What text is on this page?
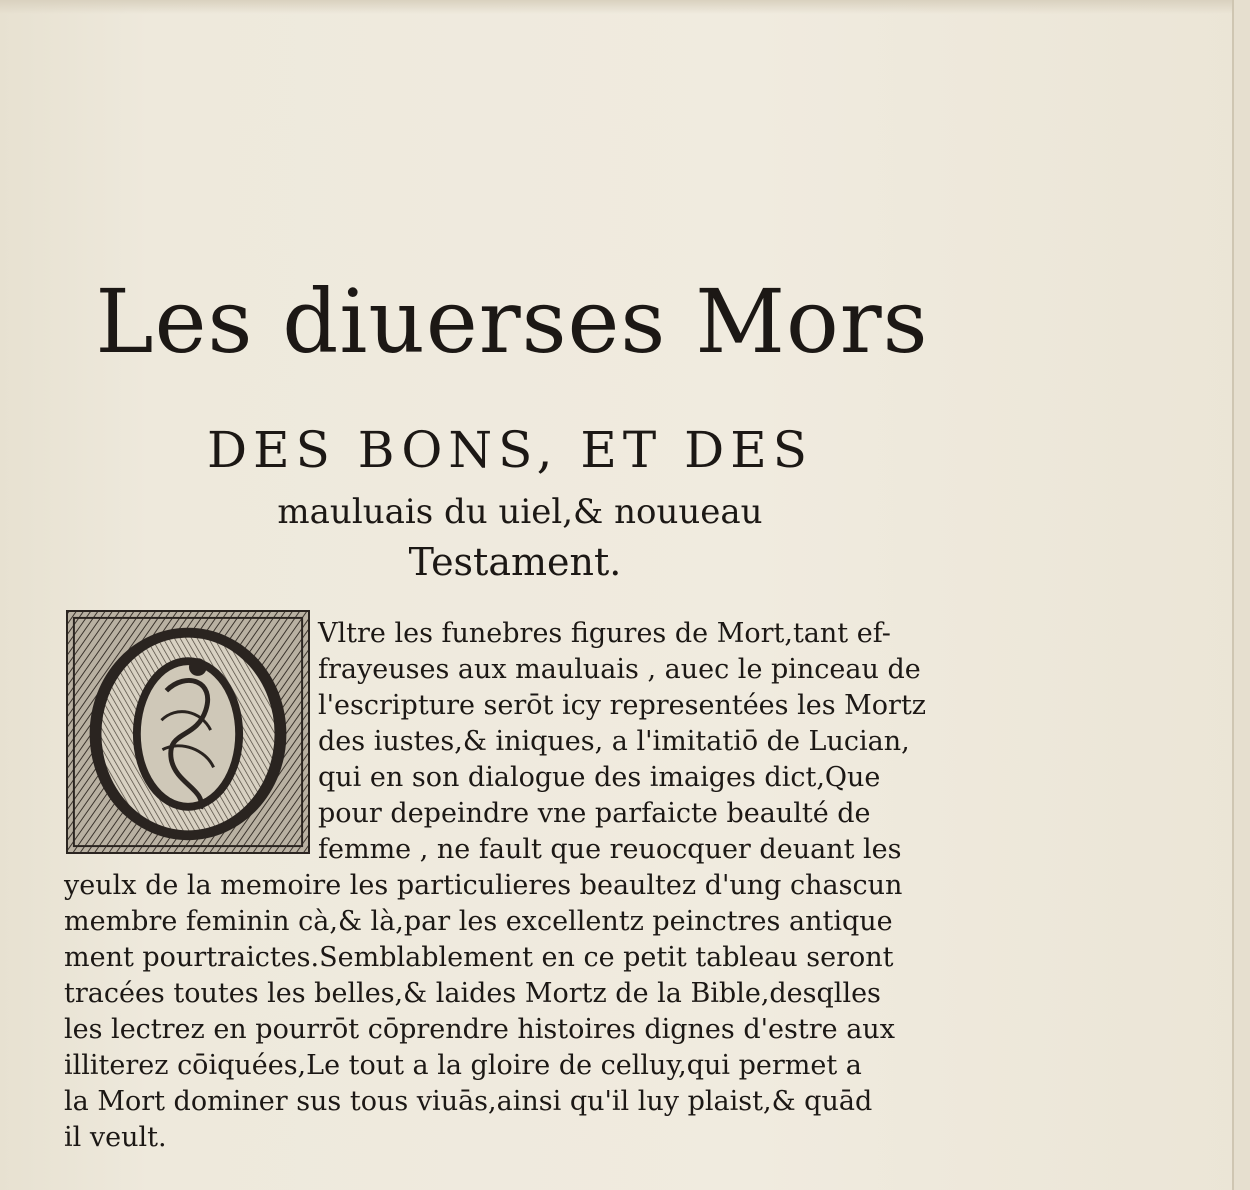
Les diuerses Mors
DES BONS, ET DES
mauluais du uiel,& nouueau
Testament.
Vltre les funebres figures de Mort,tant ef-
frayeuses aux mauluais , auec le pinceau de
l'escripture serōt icy representées les Mortz
des iustes,& iniques, a l'imitatiō de Lucian,
qui en son dialogue des imaiges dict,Que
pour depeindre vne parfaicte beaulté de
femme , ne fault que reuocquer deuant les
yeulx de la memoire les particulieres beaultez d'ung chascun
membre feminin cà,& là,par les excellentz peinctres antique
ment pourtraictes.Semblablement en ce petit tableau seront
tracées toutes les belles,& laides Mortz de la Bible,desqlles
les lectrez en pourrōt cōprendre histoires dignes d'estre aux
illiterez cōiquées,Le tout a la gloire de celluy,qui permet a
la Mort dominer sus tous viuās,ainsi qu'il luy plaist,& quād
il veult.
